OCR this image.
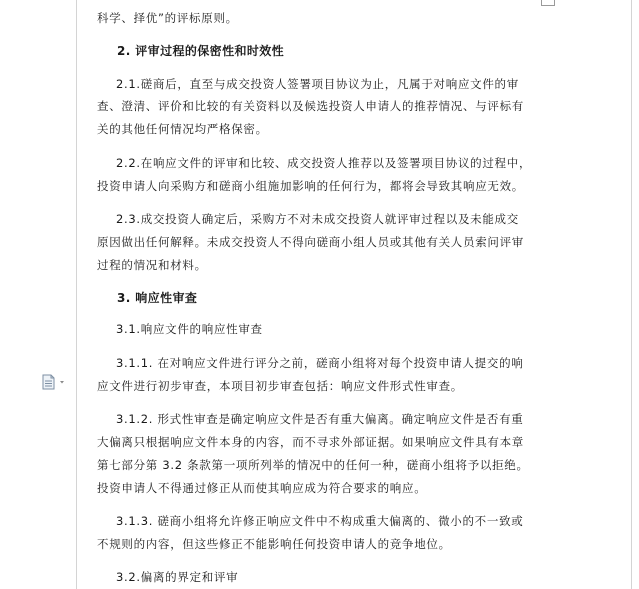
科学、择优”的评标原则。
2. 评审过程的保密性和时效性
2.1.磋商后，直至与成交投资人签署项目协议为止，凡属于对响应文件的审
查、澄清、评价和比较的有关资料以及候选投资人申请人的推荐情况、与评标有
关的其他任何情况均严格保密。
2.2.在响应文件的评审和比较、成交投资人推荐以及签署项目协议的过程中，
投资申请人向采购方和磋商小组施加影响的任何行为，都将会导致其响应无效。
2.3.成交投资人确定后，采购方不对未成交投资人就评审过程以及未能成交
原因做出任何解释。未成交投资人不得向磋商小组人员或其他有关人员索问评审
过程的情况和材料。
3. 响应性审查
3.1.响应文件的响应性审查
3.1.1. 在对响应文件进行评分之前，磋商小组将对每个投资申请人提交的响
应文件进行初步审查，本项目初步审查包括：响应文件形式性审查。
3.1.2. 形式性审查是确定响应文件是否有重大偏离。确定响应文件是否有重
大偏离只根据响应文件本身的内容，而不寻求外部证据。如果响应文件具有本章
第七部分第 3.2 条款第一项所列举的情况中的任何一种，磋商小组将予以拒绝。
投资申请人不得通过修正从而使其响应成为符合要求的响应。
3.1.3. 磋商小组将允许修正响应文件中不构成重大偏离的、微小的不一致或
不规则的内容，但这些修正不能影响任何投资申请人的竞争地位。
3.2.偏离的界定和评审
